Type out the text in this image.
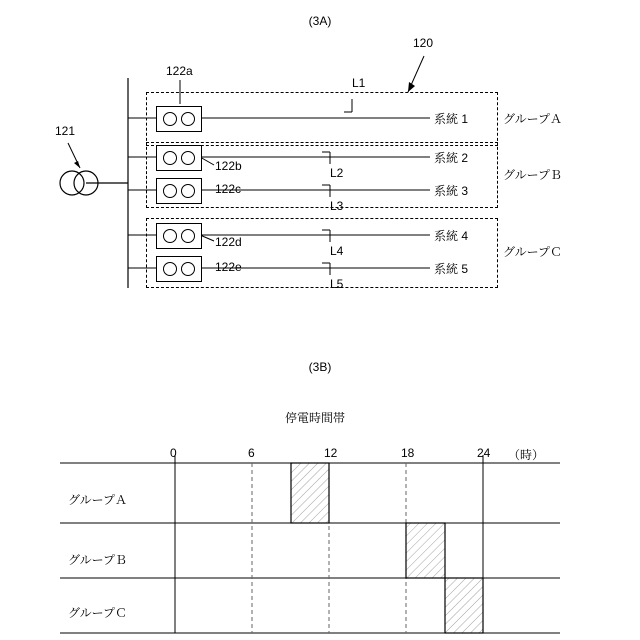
(3A)
120
121
122a
122b
122c
122d
122e
L1
L2
L3
L4
L5
系統 1
系統 2
系統 3
系統 4
系統 5
グループＡ
グループＢ
グループＣ
(3B)
停電時間帯
0	6	12	18	24 （時）
グループＡ
グループＢ
グループＣ
